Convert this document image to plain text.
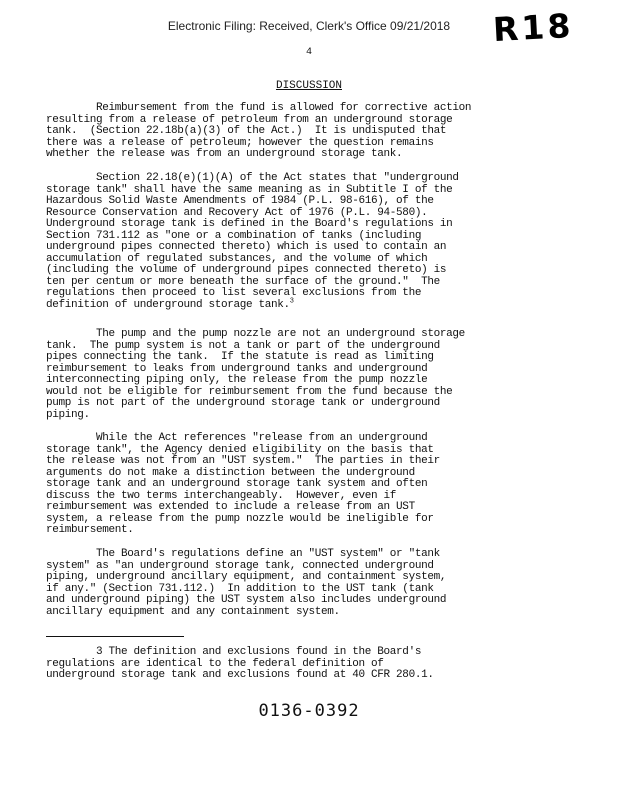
Electronic Filing: Received, Clerk's Office 09/21/2018	R18
4
DISCUSSION

Reimbursement from the fund is allowed for corrective action
resulting from a release of petroleum from an underground storage
tank.  (Section 22.18b(a)(3) of the Act.)  It is undisputed that
there was a release of petroleum; however the question remains
whether the release was from an underground storage tank.

Section 22.18(e)(1)(A) of the Act states that "underground
storage tank" shall have the same meaning as in Subtitle I of the
Hazardous Solid Waste Amendments of 1984 (P.L. 98-616), of the
Resource Conservation and Recovery Act of 1976 (P.L. 94-580).
Underground storage tank is defined in the Board's regulations in
Section 731.112 as "one or a combination of tanks (including
underground pipes connected thereto) which is used to contain an
accumulation of regulated substances, and the volume of which
(including the volume of underground pipes connected thereto) is
ten per centum or more beneath the surface of the ground."  The
regulations then proceed to list several exclusions from the
definition of underground storage tank.$^3$

The pump and the pump nozzle are not an underground storage
tank.  The pump system is not a tank or part of the underground
pipes connecting the tank.  If the statute is read as limiting
reimbursement to leaks from underground tanks and underground
interconnecting piping only, the release from the pump nozzle
would not be eligible for reimbursement from the fund because the
pump is not part of the underground storage tank or underground
piping.

While the Act references "release from an underground
storage tank", the Agency denied eligibility on the basis that
the release was not from an "UST system."  The parties in their
arguments do not make a distinction between the underground
storage tank and an underground storage tank system and often
discuss the two terms interchangeably.  However, even if
reimbursement was extended to include a release from an UST
system, a release from the pump nozzle would be ineligible for
reimbursement.

The Board's regulations define an "UST system" or "tank
system" as "an underground storage tank, connected underground
piping, underground ancillary equipment, and containment system,
if any." (Section 731.112.)  In addition to the UST tank (tank
and underground piping) the UST system also includes underground
ancillary equipment and any containment system.

3 The definition and exclusions found in the Board's
regulations are identical to the federal definition of
underground storage tank and exclusions found at 40 CFR 280.1.

0136-0392
